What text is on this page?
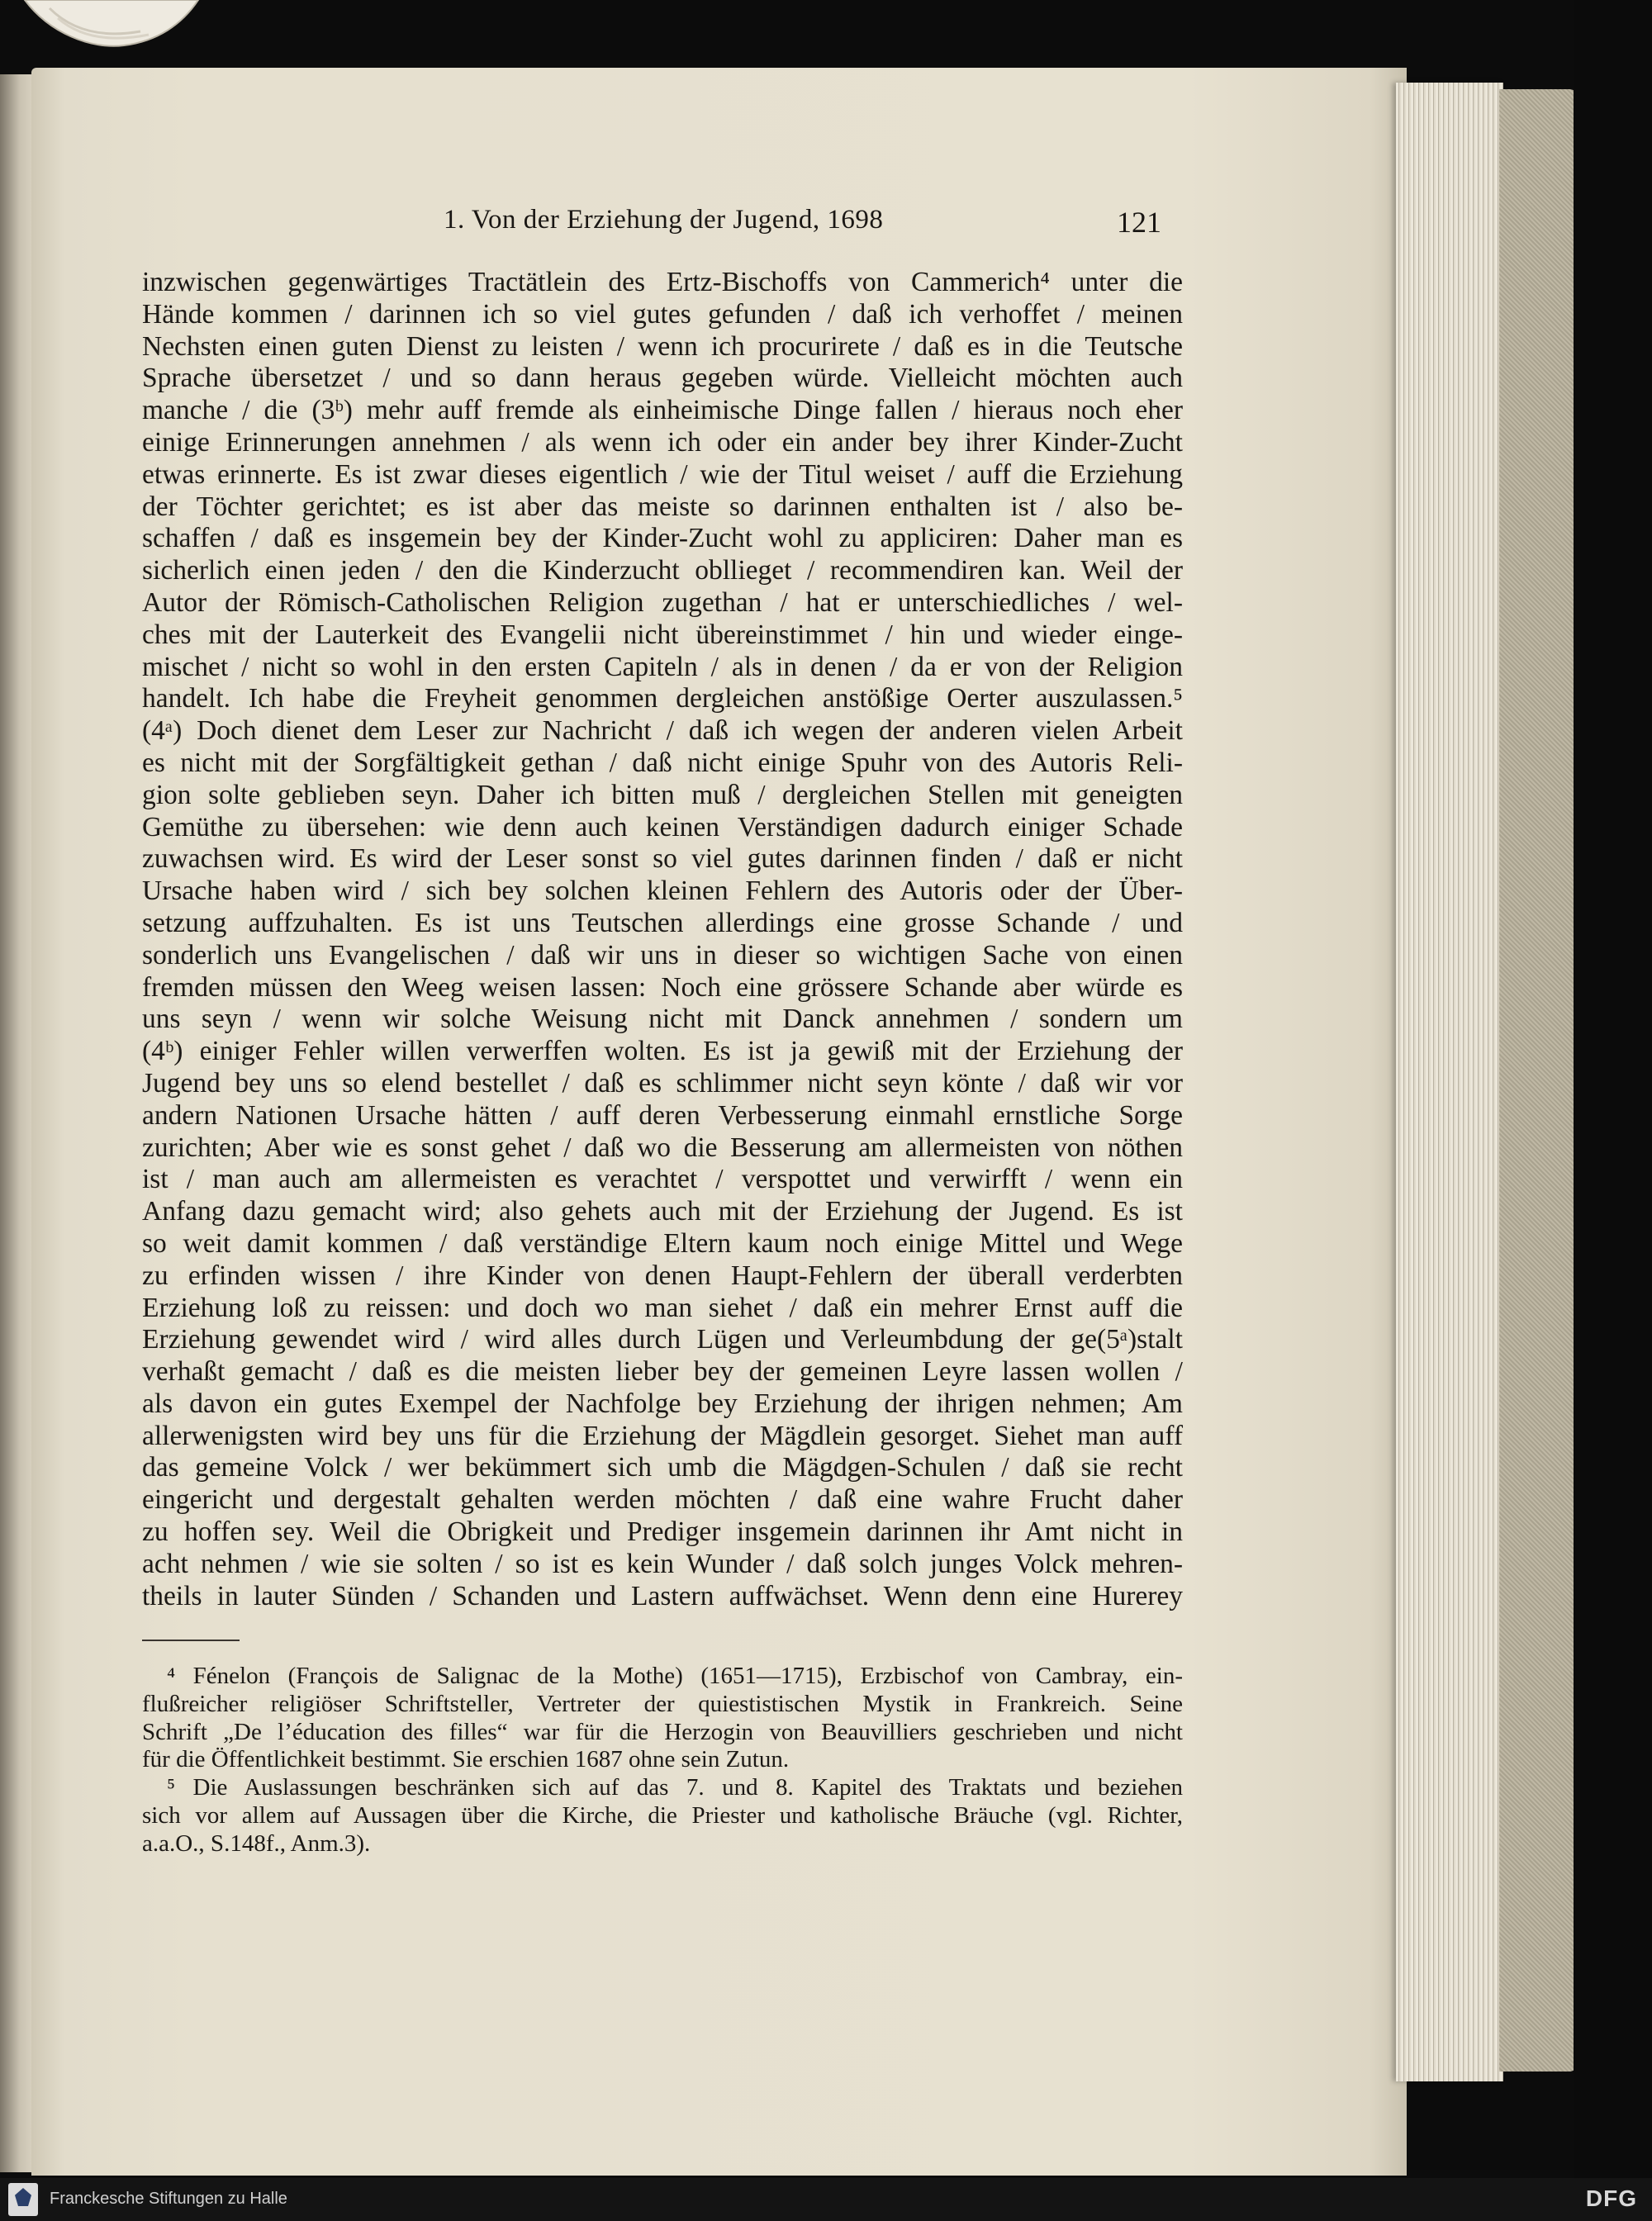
1. Von der Erziehung der Jugend, 1698	121
inzwischen gegenwärtiges Tractätlein des Ertz-Bischoffs von Cammerich⁴ unter die
Hände kommen / darinnen ich so viel gutes gefunden / daß ich verhoffet / meinen
Nechsten einen guten Dienst zu leisten / wenn ich procurirete / daß es in die Teutsche
Sprache übersetzet / und so dann heraus gegeben würde. Vielleicht möchten auch
manche / die (3ᵇ) mehr auff fremde als einheimische Dinge fallen / hieraus noch eher
einige Erinnerungen annehmen / als wenn ich oder ein ander bey ihrer Kinder-Zucht
etwas erinnerte. Es ist zwar dieses eigentlich / wie der Titul weiset / auff die Erziehung
der Töchter gerichtet; es ist aber das meiste so darinnen enthalten ist / also be-
schaffen / daß es insgemein bey der Kinder-Zucht wohl zu appliciren: Daher man es
sicherlich einen jeden / den die Kinderzucht obllieget / recommendiren kan. Weil der
Autor der Römisch-Catholischen Religion zugethan / hat er unterschiedliches / wel-
ches mit der Lauterkeit des Evangelii nicht übereinstimmet / hin und wieder einge-
mischet / nicht so wohl in den ersten Capiteln / als in denen / da er von der Religion
handelt. Ich habe die Freyheit genommen dergleichen anstößige Oerter auszulassen.⁵
(4ᵃ) Doch dienet dem Leser zur Nachricht / daß ich wegen der anderen vielen Arbeit
es nicht mit der Sorgfältigkeit gethan / daß nicht einige Spuhr von des Autoris Reli-
gion solte geblieben seyn. Daher ich bitten muß / dergleichen Stellen mit geneigten
Gemüthe zu übersehen: wie denn auch keinen Verständigen dadurch einiger Schade
zuwachsen wird. Es wird der Leser sonst so viel gutes darinnen finden / daß er nicht
Ursache haben wird / sich bey solchen kleinen Fehlern des Autoris oder der Über-
setzung auffzuhalten. Es ist uns Teutschen allerdings eine grosse Schande / und
sonderlich uns Evangelischen / daß wir uns in dieser so wichtigen Sache von einen
fremden müssen den Weeg weisen lassen: Noch eine grössere Schande aber würde es
uns seyn / wenn wir solche Weisung nicht mit Danck annehmen / sondern um
(4ᵇ) einiger Fehler willen verwerffen wolten. Es ist ja gewiß mit der Erziehung der
Jugend bey uns so elend bestellet / daß es schlimmer nicht seyn könte / daß wir vor
andern Nationen Ursache hätten / auff deren Verbesserung einmahl ernstliche Sorge
zurichten; Aber wie es sonst gehet / daß wo die Besserung am allermeisten von nöthen
ist / man auch am allermeisten es verachtet / verspottet und verwirfft / wenn ein
Anfang dazu gemacht wird; also gehets auch mit der Erziehung der Jugend. Es ist
so weit damit kommen / daß verständige Eltern kaum noch einige Mittel und Wege
zu erfinden wissen / ihre Kinder von denen Haupt-Fehlern der überall verderbten
Erziehung loß zu reissen: und doch wo man siehet / daß ein mehrer Ernst auff die
Erziehung gewendet wird / wird alles durch Lügen und Verleumbdung der ge(5ᵃ)stalt
verhaßt gemacht / daß es die meisten lieber bey der gemeinen Leyre lassen wollen /
als davon ein gutes Exempel der Nachfolge bey Erziehung der ihrigen nehmen; Am
allerwenigsten wird bey uns für die Erziehung der Mägdlein gesorget. Siehet man auff
das gemeine Volck / wer bekümmert sich umb die Mägdgen-Schulen / daß sie recht
eingericht und dergestalt gehalten werden möchten / daß eine wahre Frucht daher
zu hoffen sey. Weil die Obrigkeit und Prediger insgemein darinnen ihr Amt nicht in
acht nehmen / wie sie solten / so ist es kein Wunder / daß solch junges Volck mehren-
theils in lauter Sünden / Schanden und Lastern auffwächset. Wenn denn eine Hurerey
⁴ Fénelon (François de Salignac de la Mothe) (1651—1715), Erzbischof von Cambray, ein-
flußreicher religiöser Schriftsteller, Vertreter der quiestistischen Mystik in Frankreich. Seine
Schrift „De l’éducation des filles“ war für die Herzogin von Beauvilliers geschrieben und nicht
für die Öffentlichkeit bestimmt. Sie erschien 1687 ohne sein Zutun.
⁵ Die Auslassungen beschränken sich auf das 7. und 8. Kapitel des Traktats und beziehen
sich vor allem auf Aussagen über die Kirche, die Priester und katholische Bräuche (vgl. Richter,
a.a.O., S.148f., Anm.3).
Franckesche Stiftungen zu Halle	DFG
